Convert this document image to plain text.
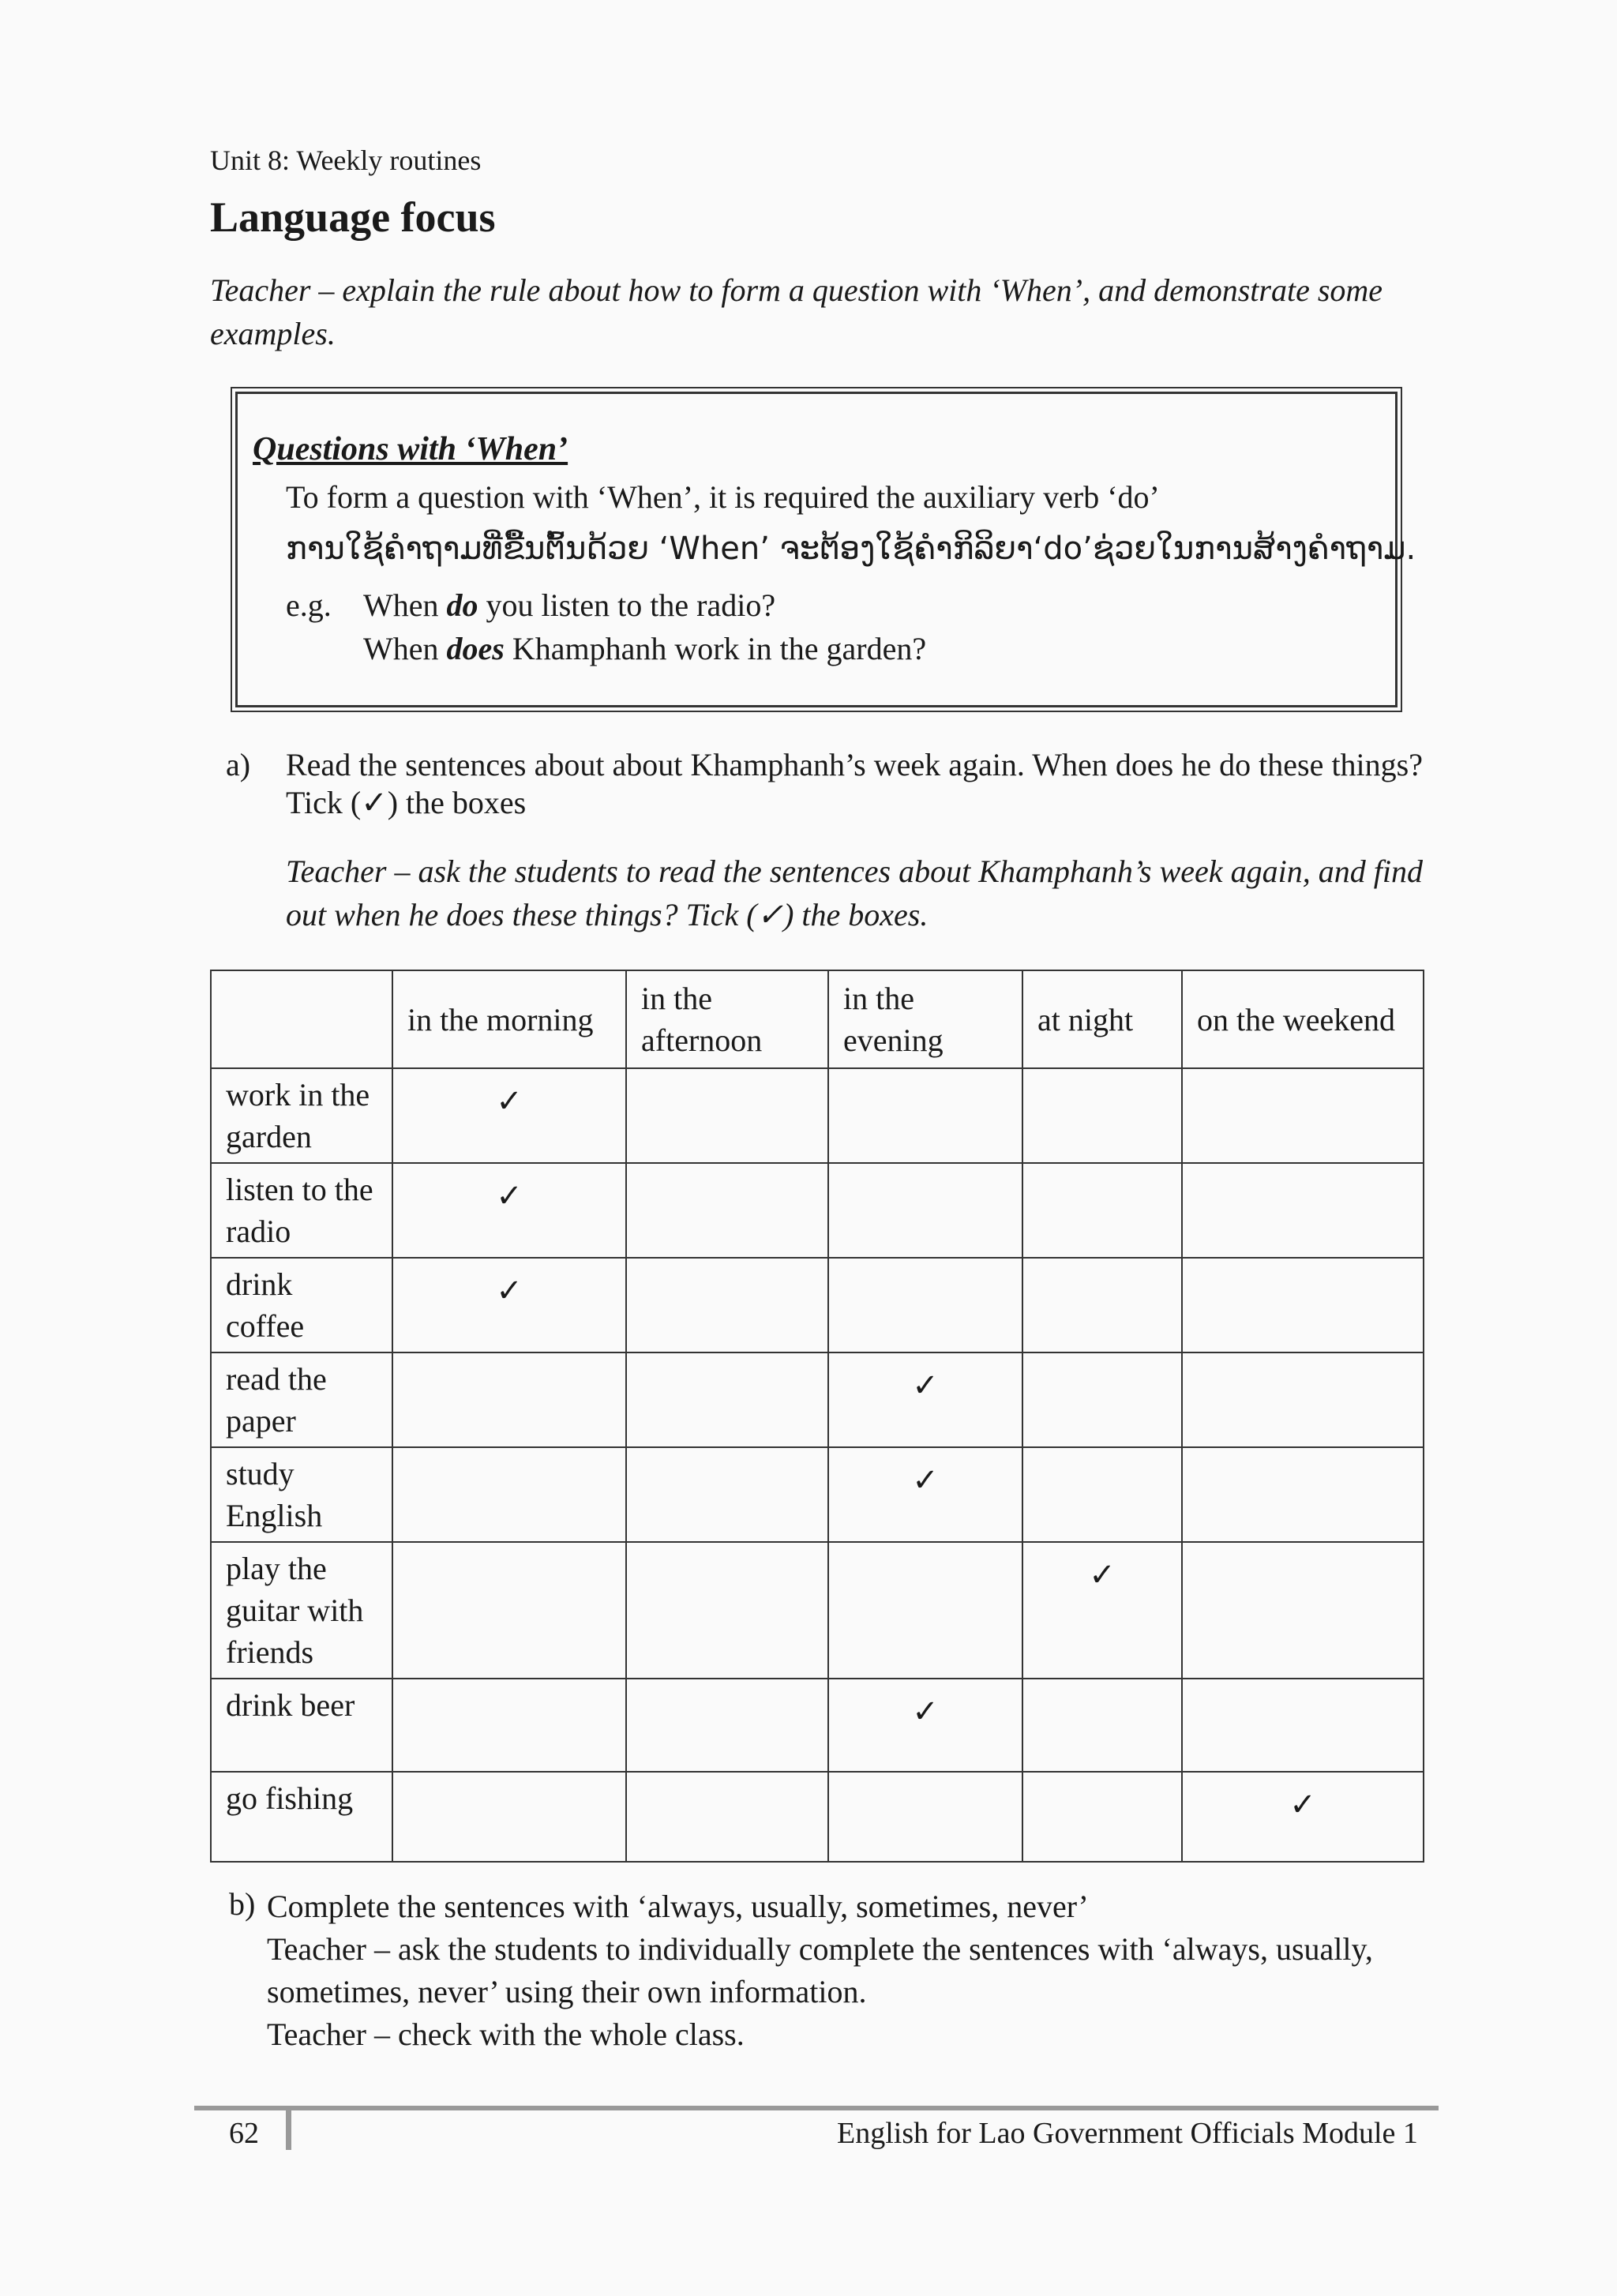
Unit 8: Weekly routines
Language focus
Teacher – explain the rule about how to form a question with ‘When’, and demonstrate some examples.
Questions with ‘When’
To form a question with ‘When’, it is required the auxiliary verb ‘do’
ການໃຊ້ຄຳຖາມທີ່ຂື້ນຕົ້ນດ້ວຍ ‘When’ ຈະຕ້ອງໃຊ້ຄຳກິລິຍາ‘do’ຊ່ວຍໃນການສ້າງຄຳຖາມ.
e.g. When do you listen to the radio?
When does Khamphanh work in the garden?
a) Read the sentences about about Khamphanh’s week again. When does he do these things? Tick (✓) the boxes
Teacher – ask the students to read the sentences about Khamphanh’s week again, and find out when he does these things? Tick (✓) the boxes.
	in the morning	in the afternoon	in the evening	at night	on the weekend
work in the garden	✓				
listen to the radio	✓				
drink coffee	✓				
read the paper			✓		
study English			✓		
play the guitar with friends				✓	
drink beer			✓		
go fishing					✓
b) Complete the sentences with ‘always, usually, sometimes, never’
Teacher – ask the students to individually complete the sentences with ‘always, usually, sometimes, never’ using their own information.
Teacher – check with the whole class.
62	English for Lao Government Officials Module 1
